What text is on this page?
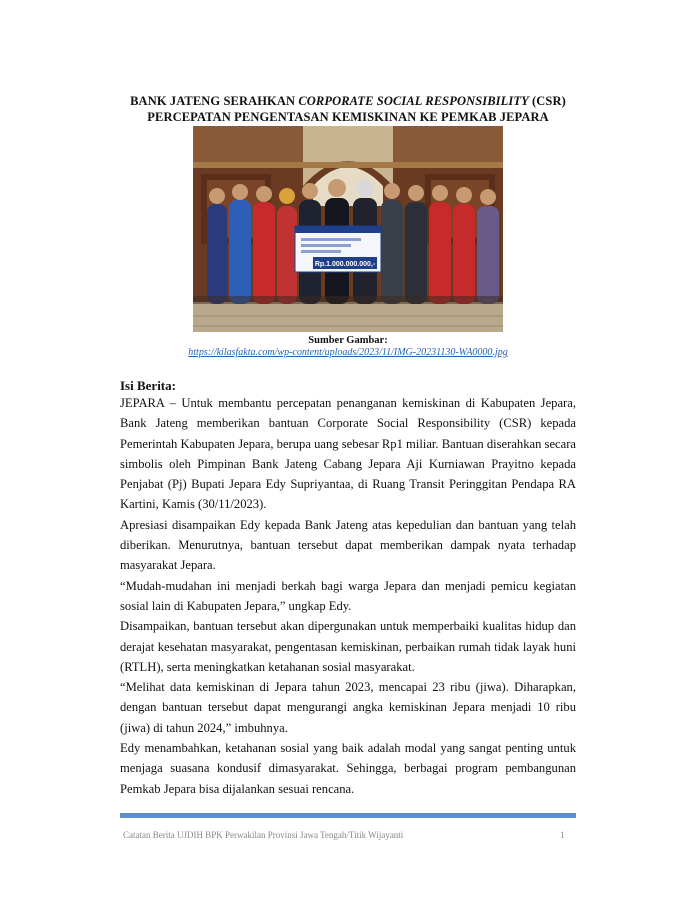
BANK JATENG SERAHKAN CORPORATE SOCIAL RESPONSIBILITY (CSR)
PERCEPATAN PENGENTASAN KEMISKINAN KE PEMKAB JEPARA
Rp.1.000.000.000,-
Sumber Gambar:
https://kilasfakta.com/wp-content/uploads/2023/11/IMG-20231130-WA0000.jpg
Isi Berita:

JEPARA – Untuk membantu percepatan penanganan kemiskinan di Kabupaten Jepara, Bank Jateng memberikan bantuan Corporate Social Responsibility (CSR) kepada Pemerintah Kabupaten Jepara, berupa uang sebesar Rp1 miliar. Bantuan diserahkan secara simbolis oleh Pimpinan Bank Jateng Cabang Jepara Aji Kurniawan Prayitno kepada Penjabat (Pj) Bupati Jepara Edy Supriyantaa, di Ruang Transit Peringgitan Pendapa RA Kartini, Kamis (30/11/2023).

Apresiasi disampaikan Edy kepada Bank Jateng atas kepedulian dan bantuan yang telah diberikan. Menurutnya, bantuan tersebut dapat memberikan dampak nyata terhadap masyarakat Jepara.

“Mudah-mudahan ini menjadi berkah bagi warga Jepara dan menjadi pemicu kegiatan sosial lain di Kabupaten Jepara,” ungkap Edy.

Disampaikan, bantuan tersebut akan dipergunakan untuk memperbaiki kualitas hidup dan derajat kesehatan masyarakat, pengentasan kemiskinan, perbaikan rumah tidak layak huni (RTLH), serta meningkatkan ketahanan sosial masyarakat.

“Melihat data kemiskinan di Jepara tahun 2023, mencapai 23 ribu (jiwa). Diharapkan, dengan bantuan tersebut dapat mengurangi angka kemiskinan Jepara menjadi 10 ribu (jiwa) di tahun 2024,” imbuhnya.

Edy menambahkan, ketahanan sosial yang baik adalah modal yang sangat penting untuk menjaga suasana kondusif dimasyarakat. Sehingga, berbagai program pembangunan Pemkab Jepara bisa dijalankan sesuai rencana.

Catatan Berita UJDIH BPK Perwakilan Provinsi Jawa Tengah/Titik Wijayanti	1
